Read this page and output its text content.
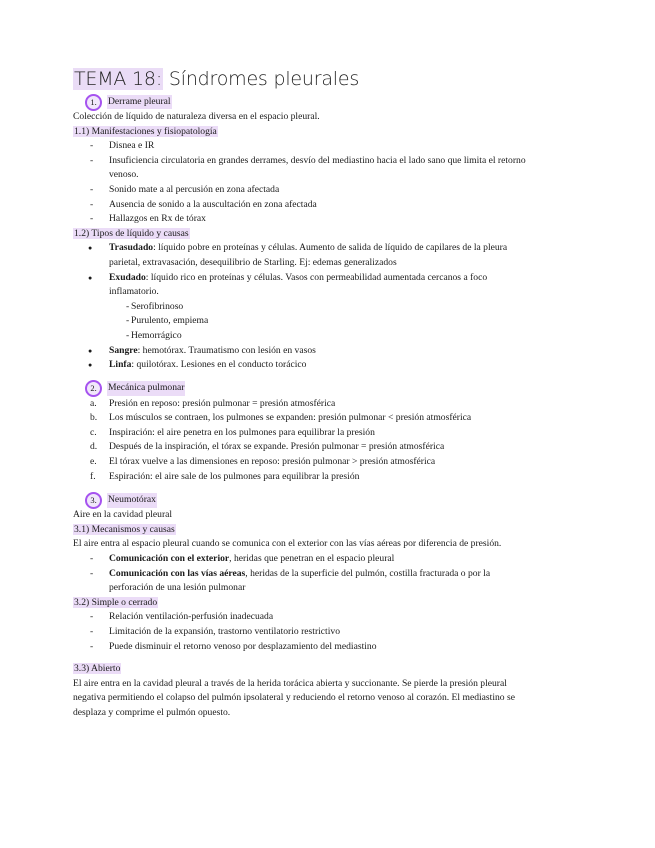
TEMA 18: Síndromes pleurales
1.	Derrame pleural

Colección de líquido de naturaleza diversa en el espacio pleural.

1.1) Manifestaciones y fisiopatología

- Disnea e IR
- Insuficiencia circulatoria en grandes derrames, desvío del mediastino hacia el lado sano que limita el retorno venoso.
- Sonido mate a al percusión en zona afectada
- Ausencia de sonido a la auscultación en zona afectada
- Hallazgos en Rx de tórax

1.2) Tipos de líquido y causas

● Trasudado: líquido pobre en proteínas y células. Aumento de salida de líquido de capilares de la pleura parietal, extravasación, desequilibrio de Starling. Ej: edemas generalizados
● Exudado: líquido rico en proteínas y células. Vasos con permeabilidad aumentada cercanos a foco inflamatorio.
- Serofibrinoso
- Purulento, empiema
- Hemorrágico
● Sangre: hemotórax. Traumatismo con lesión en vasos
● Linfa: quilotórax. Lesiones en el conducto torácico
2.	Mecánica pulmonar
a. Presión en reposo: presión pulmonar = presión atmosférica
b. Los músculos se contraen, los pulmones se expanden: presión pulmonar < presión atmosférica
c. Inspiración: el aire penetra en los pulmones para equilibrar la presión
d. Después de la inspiración, el tórax se expande. Presión pulmonar = presión atmosférica
e. El tórax vuelve a las dimensiones en reposo: presión pulmonar > presión atmosférica
f. Espiración: el aire sale de los pulmones para equilibrar la presión
3.	Neumotórax

Aire en la cavidad pleural

3.1) Mecanismos y causas

El aire entra al espacio pleural cuando se comunica con el exterior con las vías aéreas por diferencia de presión.

- Comunicación con el exterior, heridas que penetran en el espacio pleural
- Comunicación con las vías aéreas, heridas de la superficie del pulmón, costilla fracturada o por la perforación de una lesión pulmonar

3.2) Simple o cerrado

- Relación ventilación-perfusión inadecuada
- Limitación de la expansión, trastorno ventilatorio restrictivo
- Puede disminuir el retorno venoso por desplazamiento del mediastino

3.3) Abierto

El aire entra en la cavidad pleural a través de la herida torácica abierta y succionante. Se pierde la presión pleural negativa permitiendo el colapso del pulmón ipsolateral y reduciendo el retorno venoso al corazón. El mediastino se desplaza y comprime el pulmón opuesto.
